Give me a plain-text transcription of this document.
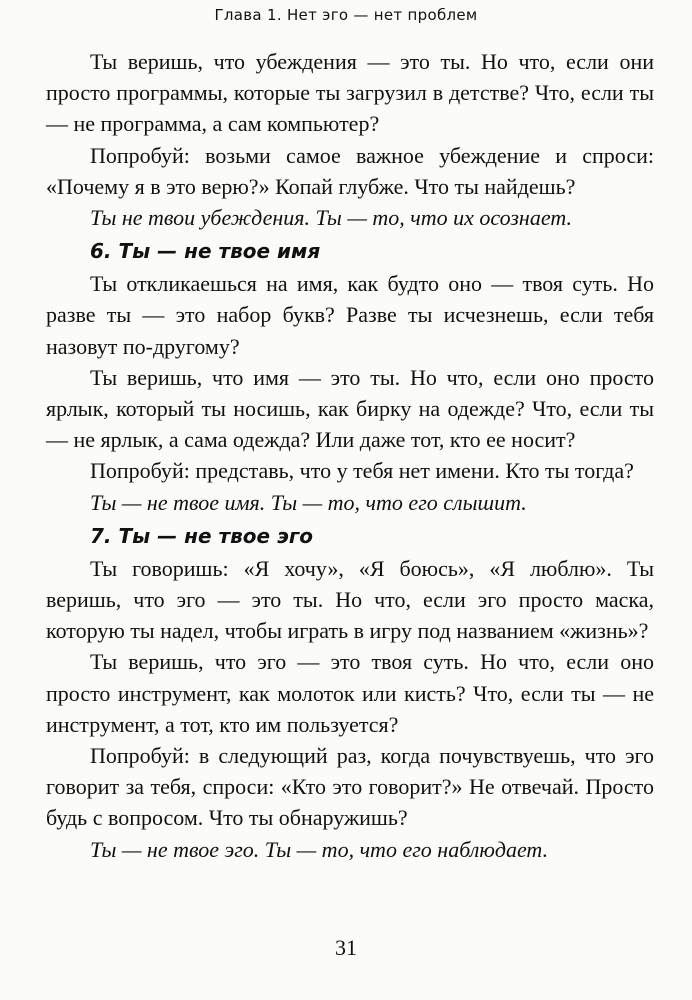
Глава 1. Нет эго — нет проблем

Ты веришь, что убеждения — это ты. Но что, если они просто программы, которые ты загрузил в детстве? Что, если ты — не программа, а сам компьютер?

Попробуй: возьми самое важное убеждение и спроси: «Почему я в это верю?» Копай глубже. Что ты найдешь?

Ты не твои убеждения. Ты — то, что их осознает.

6. Ты — не твое имя

Ты откликаешься на имя, как будто оно — твоя суть. Но разве ты — это набор букв? Разве ты исчезнешь, если тебя назовут по-другому?

Ты веришь, что имя — это ты. Но что, если оно просто ярлык, который ты носишь, как бирку на одежде? Что, если ты — не ярлык, а сама одежда? Или даже тот, кто ее носит?

Попробуй: представь, что у тебя нет имени. Кто ты тогда?

Ты — не твое имя. Ты — то, что его слышит.

7. Ты — не твое эго

Ты говоришь: «Я хочу», «Я боюсь», «Я люблю». Ты веришь, что эго — это ты. Но что, если эго просто маска, которую ты надел, чтобы играть в игру под названием «жизнь»?

Ты веришь, что эго — это твоя суть. Но что, если оно просто инструмент, как молоток или кисть? Что, если ты — не инструмент, а тот, кто им пользуется?

Попробуй: в следующий раз, когда почувствуешь, что эго говорит за тебя, спроси: «Кто это говорит?» Не отвечай. Просто будь с вопросом. Что ты обнаружишь?

Ты — не твое эго. Ты — то, что его наблюдает.

31
